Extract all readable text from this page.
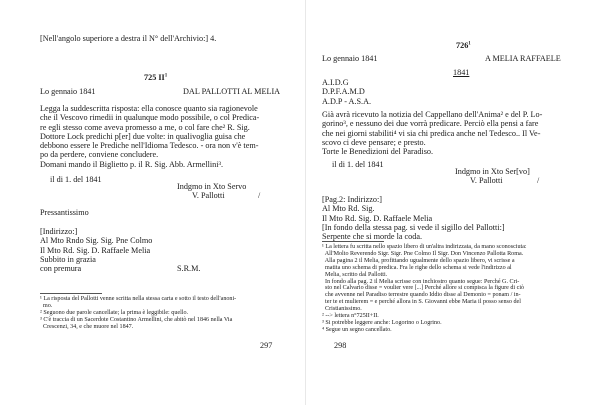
[Nell'angolo superiore a destra il N° dell'Archivio:] 4.
725 $II^1$
Lo gennaio 1841	DAL PALLOTTI AL MELIA
Legga la suddescritta risposta: ella conosce quanto sia ragionevole
che il Vescovo rimedii in qualunque modo possibile, o col Predica-
re egli stesso come aveva promesso a me, o col fare che² R. Sig.
Dottore Lock predichi p[er] due volte: in qualivoglia guisa che
debbono essere le Prediche nell'Idioma Tedesco. - ora non v'è tem-
po da perdere, conviene concludere.
Domani mando il Biglietto p. il R. Sig. Abb. Armellini³.
il di 1. del 1841
Indgmo in Xto Servo
V. Pallotti	/
Pressantissimo
[Indirizzo:]
Al Mto Rndo Sig. Sig. Pne Colmo
Il Mto Rd. Sig. D. Raffaele Melia
Subbito in grazia
con premura	S.R.M.
¹ La risposta del Pallotti venne scritta nella stessa carta e sotto il testo dell'anoni-
mo.
² Seguono due parole cancellate; la prima è leggibile: quello.
³ C'è traccia di un Sacerdote Costantino Armellini, che abitò nel 1846 nella Via
Crescenzi, 34, e che muore nel 1847.
297
$726^1$
Lo gennaio 1841	A MELIA RAFFAELE
1841
A.I.D.G
D.P.F.A.M.D
A.D.P - A.S.A.
Già avrà ricevuto la notizia del Cappellano dell'Anima² e del P. Lo-
gorino³, e nessuno dei due vorrà predicare. Perciò ella pensi a fare
che nei giorni stabiliti⁴ vi sia chi predica anche nel Tedesco.. Il Ve-
scovo ci deve pensare; e presto.
Torte le Benedizioni del Paradiso.
il di 1. del 1841
Indgmo in Xto Ser[vo]
V. Pallotti	/
[Pag.2: Indirizzo:]
Al Mto Rd. Sig.
Il Mto Rd. Sig. D. Raffaele Melia
[In fondo della stessa pag. si vede il sigillo del Pallotti:]
Serpente che si morde la coda.
¹ La lettera fu scritta nello spazio libero di un'altra indirizzata, da mano sconosciuta:
All'Molto Reverendo Sigr. Sigr. Pne Colmo Il Sigr. Don Vincenzo Pallotta Roma.
Alla pagina 2 il Melia, profittando ugualmente dello spazio libero, vi scrisse a
matita uno schema di predica. Fra le righe dello schema si vede l'indirizzo al
Melia, scritto dal Pallotti.
In fondo alla pag. 2 il Melia scrisse con inchiostro quanto segue: Perché G. Cri-
sto nel Calvario disse = voulier vere [...] Perché allore si compisca la figure di ciò
che avvenne nel Paradiso terrestre quando Iddio disse al Demonio = ponam / in-
ter te et mulierem = e perché allora in S. Giovanni ebbe Maria il posso senso del
Cristianissimo.
² --> lettera n°725II+II.
³ Si potrebbe leggere anche: Logorino o Logrino.
⁴ Segue un segno cancellato.
298
